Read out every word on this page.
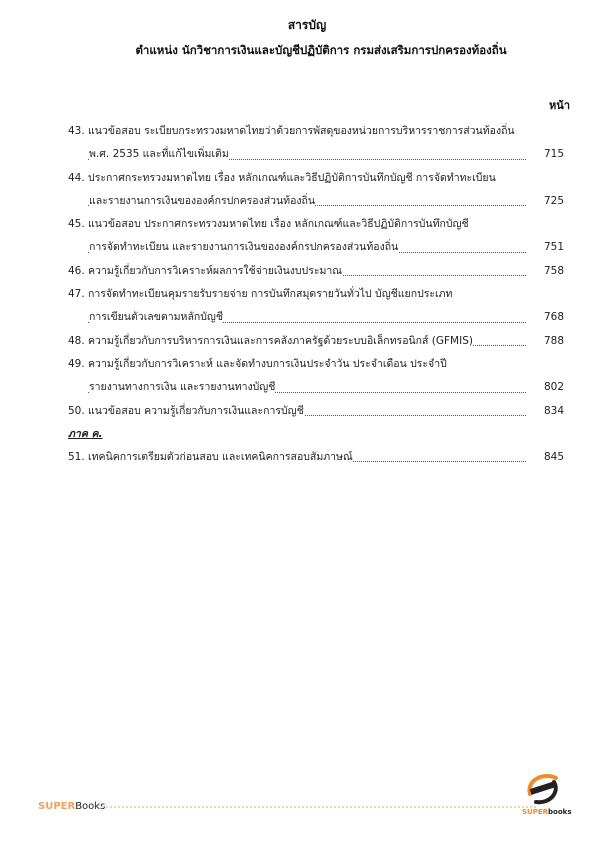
สารบัญ
ตำแหน่ง นักวิชาการเงินและบัญชีปฏิบัติการ กรมส่งเสริมการปกครองท้องถิ่น
หน้า
43. แนวข้อสอบ ระเบียบกระทรวงมหาดไทยว่าด้วยการพัสดุของหน่วยการบริหารราชการส่วนท้องถิ่น
พ.ศ. 2535 และที่แก้ไขเพิ่มเติม	715
44. ประกาศกระทรวงมหาดไทย เรื่อง หลักเกณฑ์และวิธีปฏิบัติการบันทึกบัญชี การจัดทำทะเบียน
และรายงานการเงินขององค์กรปกครองส่วนท้องถิ่น	725
45. แนวข้อสอบ ประกาศกระทรวงมหาดไทย เรื่อง หลักเกณฑ์และวิธีปฏิบัติการบันทึกบัญชี
การจัดทำทะเบียน และรายงานการเงินขององค์กรปกครองส่วนท้องถิ่น	751
46. ความรู้เกี่ยวกับการวิเคราะห์ผลการใช้จ่ายเงินงบประมาณ	758
47. การจัดทำทะเบียนคุมรายรับรายจ่าย การบันทึกสมุดรายวันทั่วไป บัญชีแยกประเภท
การเขียนตัวเลขตามหลักบัญชี	768
48. ความรู้เกี่ยวกับการบริหารการเงินและการคลังภาครัฐด้วยระบบอิเล็กทรอนิกส์ (GFMIS)	788
49. ความรู้เกี่ยวกับการวิเคราะห์ และจัดทำงบการเงินประจำวัน ประจำเดือน ประจำปี
รายงานทางการเงิน และรายงานทางบัญชี	802
50. แนวข้อสอบ ความรู้เกี่ยวกับการเงินและการบัญชี	834
ภาค ค.
51. เทคนิคการเตรียมตัวก่อนสอบ และเทคนิคการสอบสัมภาษณ์	845
SUPERBooks	SUPERbooks
